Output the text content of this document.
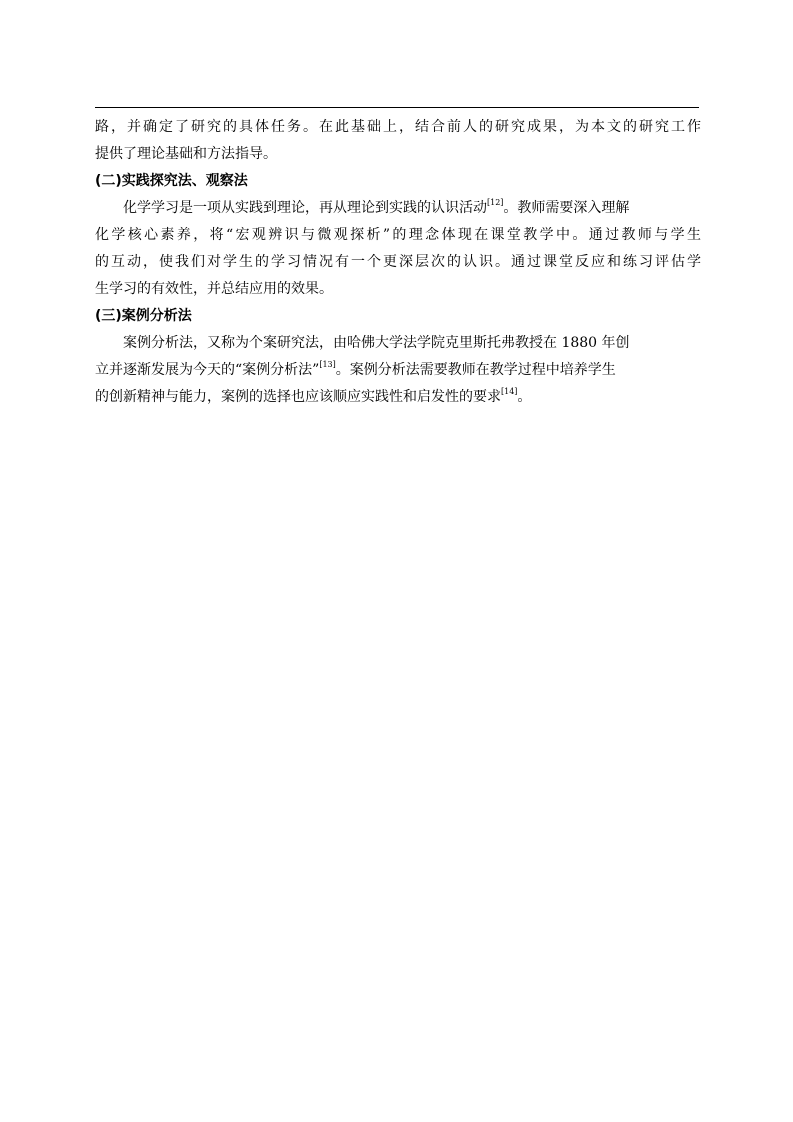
路，并确定了研究的具体任务。在此基础上，结合前人的研究成果，为本文的研究工作
提供了理论基础和方法指导。
(二)实践探究法、观察法
化学学习是一项从实践到理论，再从理论到实践的认识活动[12]。教师需要深入理解
化学核心素养，将“宏观辨识与微观探析”的理念体现在课堂教学中。通过教师与学生
的互动，使我们对学生的学习情况有一个更深层次的认识。通过课堂反应和练习评估学
生学习的有效性，并总结应用的效果。
(三)案例分析法
案例分析法，又称为个案研究法，由哈佛大学法学院克里斯托弗教授在 1880 年创
立并逐渐发展为今天的“案例分析法”[13]。案例分析法需要教师在教学过程中培养学生
的创新精神与能力，案例的选择也应该顺应实践性和启发性的要求[14]。
